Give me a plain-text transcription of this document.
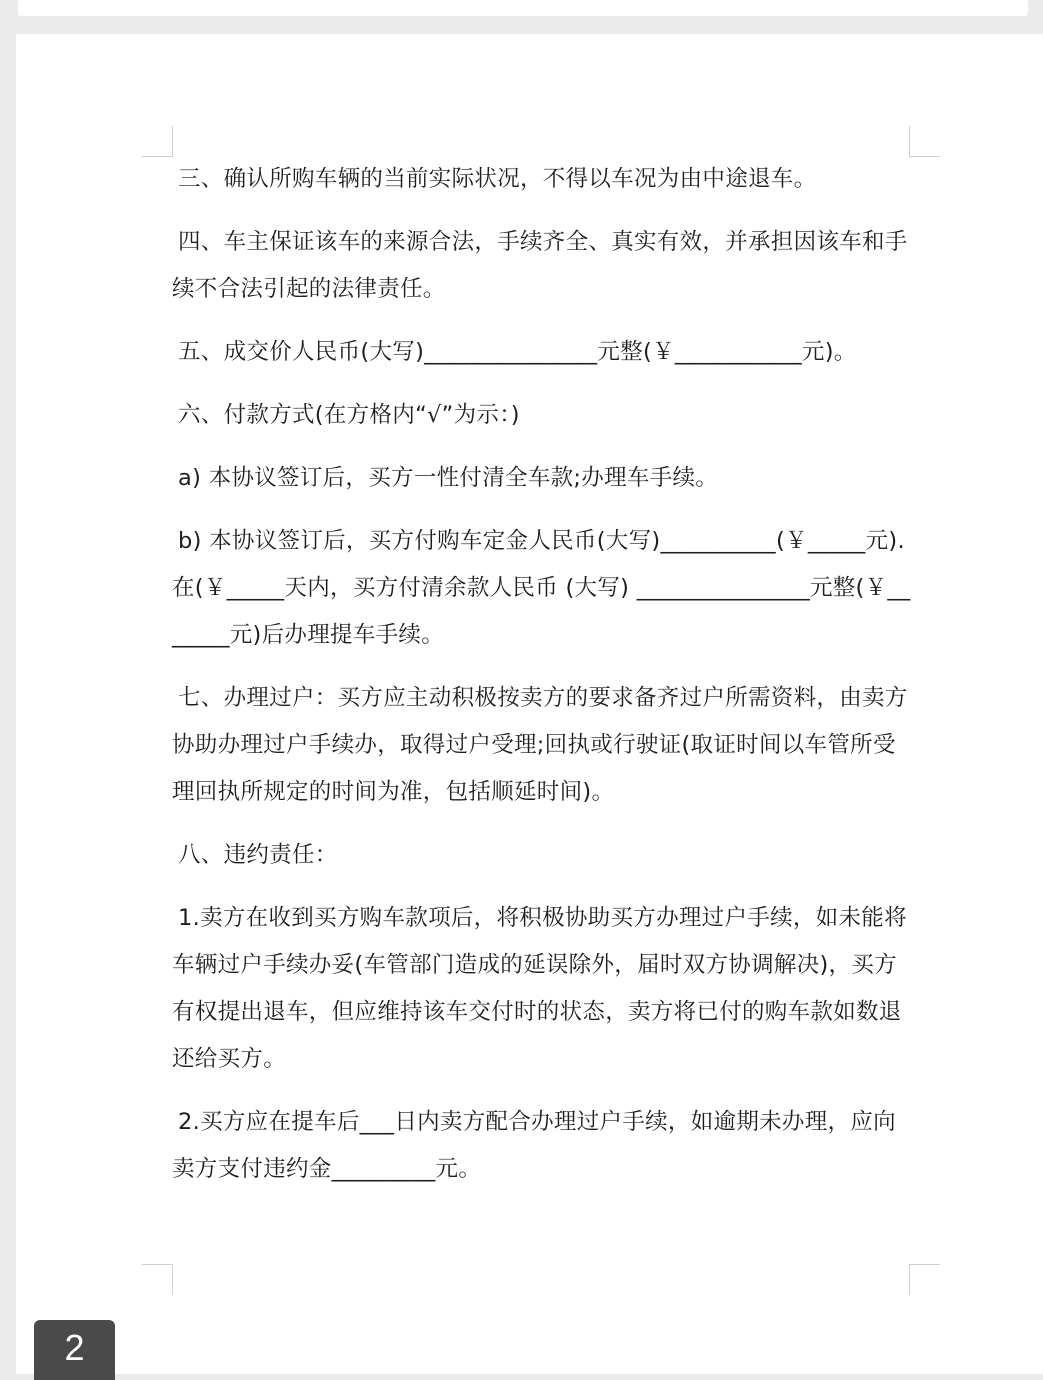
三、确认所购车辆的当前实际状况，不得以车况为由中途退车。

四、车主保证该车的来源合法，手续齐全、真实有效，并承担因该车和手续不合法引起的法律责任。

五、成交价人民币(大写)_______________元整(￥___________元)。

六、付款方式(在方格内“√”为示：)

a) 本协议签订后，买方一性付清全车款;办理车手续。

b) 本协议签订后，买方付购车定金人民币(大写)__________(￥_____元).在(￥_____天内，买方付清余款人民币 (大写) _______________元整(￥_______元)后办理提车手续。

七、办理过户：买方应主动积极按卖方的要求备齐过户所需资料，由卖方协助办理过户手续办，取得过户受理;回执或行驶证(取证时间以车管所受理回执所规定的时间为准，包括顺延时间)。

八、违约责任：

1.卖方在收到买方购车款项后，将积极协助买方办理过户手续，如未能将车辆过户手续办妥(车管部门造成的延误除外，届时双方协调解决)，买方有权提出退车，但应维持该车交付时的状态，卖方将已付的购车款如数退还给买方。

2.买方应在提车后___日内卖方配合办理过户手续，如逾期未办理，应向卖方支付违约金_________元。

2
